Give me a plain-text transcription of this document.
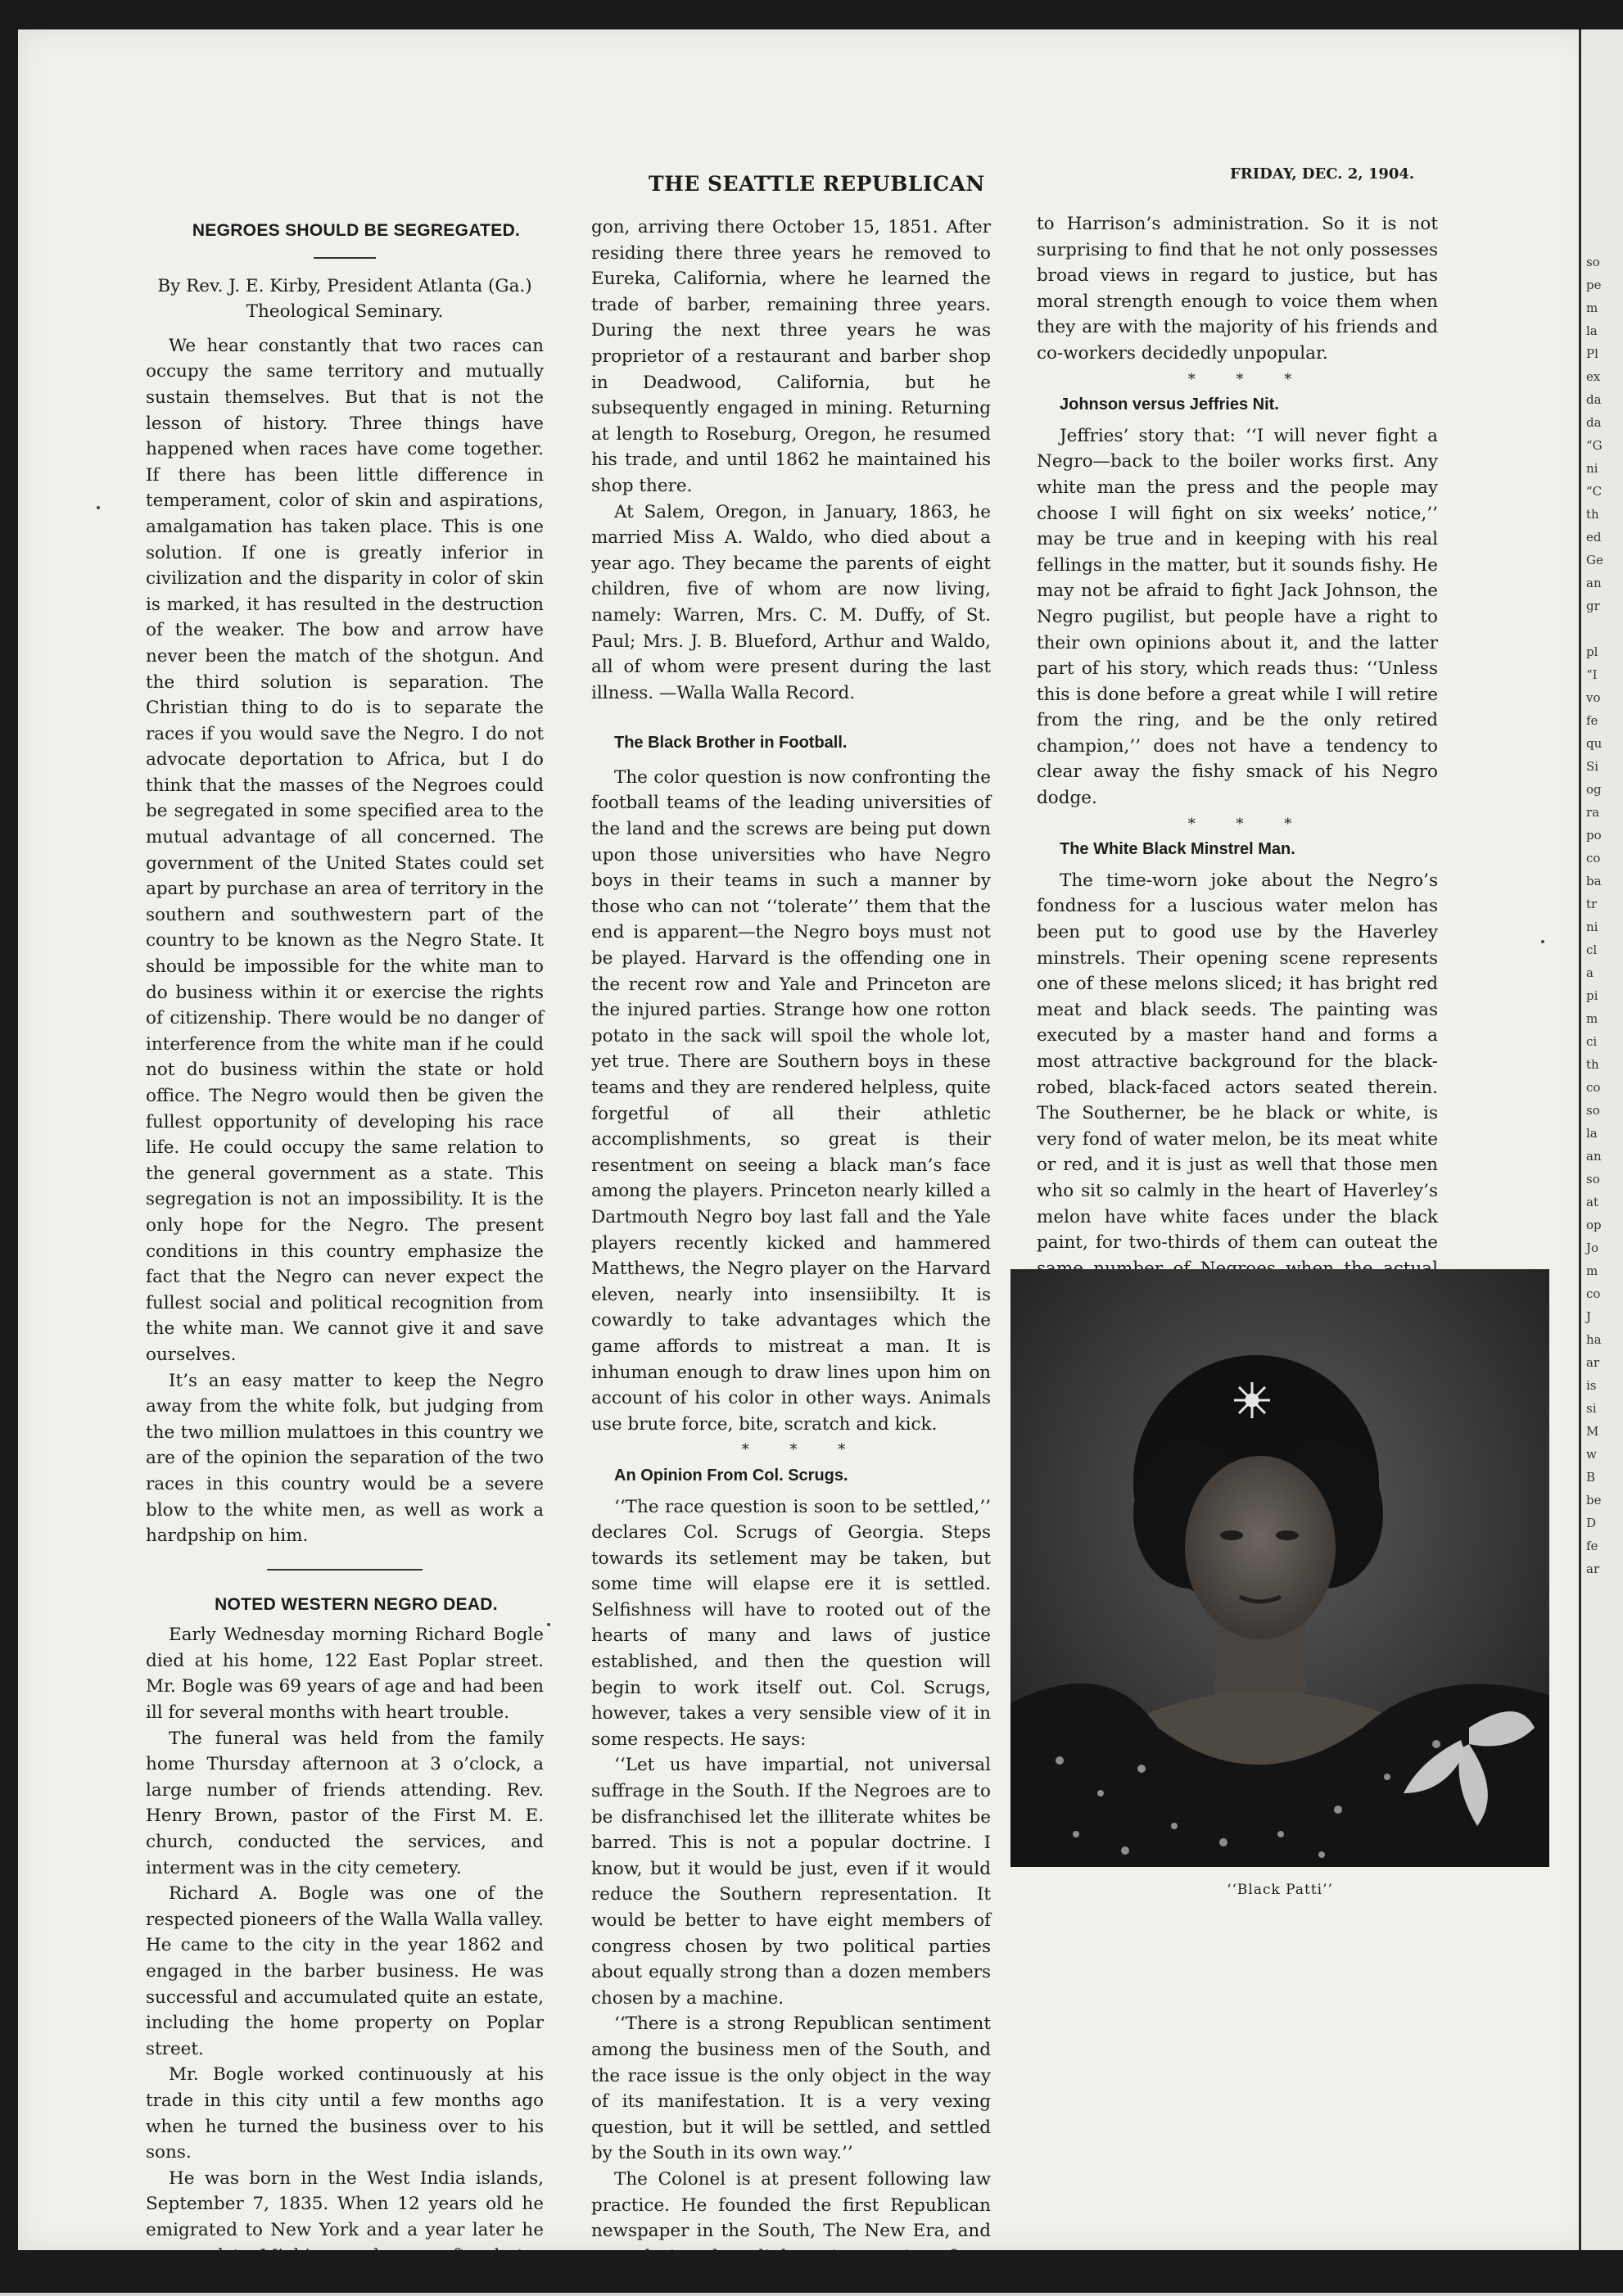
so
pe
m
la
Pl
ex
da
da
“G
ni
“C
th
ed
Ge
an
gr

pl
“I
vo
fe
qu
Si
og
ra
po
co
ba
tr
ni
cl
a
pi
m
ci
th
co
so
la
an
so
at
op
Jo
m
co
J
ha
ar
is
si
M
w
B
be
D
fe
ar
THE SEATTLE REPUBLICAN	FRIDAY, DEC. 2, 1904.

NEGROES SHOULD BE SEGREGATED.

By Rev. J. E. Kirby, President Atlanta (Ga.)

Theological Seminary.

We hear constantly that two races can occupy the same territory and mutually sustain themselves. But that is not the lesson of history. Three things have happened when races have come together. If there has been little difference in temperament, color of skin and aspirations, amalgamation has taken place. This is one solution. If one is greatly inferior in civilization and the disparity in color of skin is marked, it has resulted in the destruction of the weaker. The bow and arrow have never been the match of the shotgun. And the third solution is separation. The Christian thing to do is to separate the races if you would save the Negro. I do not advocate deportation to Africa, but I do think that the masses of the Negroes could be segregated in some specified area to the mutual advantage of all concerned. The government of the United States could set apart by purchase an area of territory in the southern and southwestern part of the country to be known as the Negro State. It should be impossible for the white man to do business within it or exercise the rights of citizenship. There would be no danger of interference from the white man if he could not do business within the state or hold office. The Negro would then be given the fullest opportunity of developing his race life. He could occupy the same relation to the general government as a state. This segregation is not an impossibility. It is the only hope for the Negro. The present conditions in this country emphasize the fact that the Negro can never expect the fullest social and political recognition from the white man. We cannot give it and save ourselves.

It’s an easy matter to keep the Negro away from the white folk, but judging from the two million mulattoes in this country we are of the opinion the separation of the two races in this country would be a severe blow to the white men, as well as work a hardpship on him.

NOTED WESTERN NEGRO DEAD.

Early Wednesday morning Richard Bogle died at his home, 122 East Poplar street. Mr. Bogle was 69 years of age and had been ill for several months with heart trouble.

The funeral was held from the family home Thursday afternoon at 3 o’clock, a large number of friends attending. Rev. Henry Brown, pastor of the First M. E. church, conducted the services, and interment was in the city cemetery.

Richard A. Bogle was one of the respected pioneers of the Walla Walla valley. He came to the city in the year 1862 and engaged in the barber business. He was successful and accumulated quite an estate, including the home property on Poplar street.

Mr. Bogle worked continuously at his trade in this city until a few months ago when he turned the business over to his sons.

He was born in the West India islands, September 7, 1835. When 12 years old he emigrated to New York and a year later he removed to Michigan, whence, after but a brief residence he crossed the plains to Ore-

gon, arriving there October 15, 1851. After residing there three years he removed to Eureka, California, where he learned the trade of barber, remaining three years. During the next three years he was proprietor of a restaurant and barber shop in Deadwood, California, but he subsequently engaged in mining. Returning at length to Roseburg, Oregon, he resumed his trade, and until 1862 he maintained his shop there.

At Salem, Oregon, in January, 1863, he married Miss A. Waldo, who died about a year ago. They became the parents of eight children, five of whom are now living, namely: Warren, Mrs. C. M. Duffy, of St. Paul; Mrs. J. B. Blueford, Arthur and Waldo, all of whom were present during the last illness. —Walla Walla Record.

The Black Brother in Football.

The color question is now confronting the football teams of the leading universities of the land and the screws are being put down upon those universities who have Negro boys in their teams in such a manner by those who can not ‘‘tolerate’’ them that the end is apparent—the Negro boys must not be played. Harvard is the offending one in the recent row and Yale and Princeton are the injured parties. Strange how one rotton potato in the sack will spoil the whole lot, yet true. There are Southern boys in these teams and they are rendered helpless, quite forgetful of all their athletic accomplishments, so great is their resentment on seeing a black man’s face among the players. Princeton nearly killed a Dartmouth Negro boy last fall and the Yale players recently kicked and hammered Matthews, the Negro player on the Harvard eleven, nearly into insensiibilty. It is cowardly to take advantages which the game affords to mistreat a man. It is inhuman enough to draw lines upon him on account of his color in other ways. Animals use brute force, bite, scratch and kick.

* * *

An Opinion From Col. Scrugs.

‘‘The race question is soon to be settled,’’ declares Col. Scrugs of Georgia. Steps towards its setlement may be taken, but some time will elapse ere it is settled. Selfishness will have to rooted out of the hearts of many and laws of justice established, and then the question will begin to work itself out. Col. Scrugs, however, takes a very sensible view of it in some respects. He says:

‘‘Let us have impartial, not universal suffrage in the South. If the Negroes are to be disfranchised let the illiterate whites be barred. This is not a popular doctrine. I know, but it would be just, even if it would reduce the Southern representation. It would be better to have eight members of congress chosen by two political parties about equally strong than a dozen members chosen by a machine.

‘‘There is a strong Republican sentiment among the business men of the South, and the race issue is the only object in the way of its manifestation. It is a very vexing question, but it will be settled, and settled by the South in its own way.’’

The Colonel is at present following law practice. He founded the first Republican newspaper in the South, The New Era, and served in the diplomatic service from Grant’s

to Harrison’s administration. So it is not surprising to find that he not only possesses broad views in regard to justice, but has moral strength enough to voice them when they are with the majority of his friends and co-workers decidedly unpopular.

* * *

Johnson versus Jeffries Nit.

Jeffries’ story that: ‘‘I will never fight a Negro—back to the boiler works first. Any white man the press and the people may choose I will fight on six weeks’ notice,’’ may be true and in keeping with his real fellings in the matter, but it sounds fishy. He may not be afraid to fight Jack Johnson, the Negro pugilist, but people have a right to their own opinions about it, and the latter part of his story, which reads thus: ‘‘Unless this is done before a great while I will retire from the ring, and be the only retired champion,’’ does not have a tendency to clear away the fishy smack of his Negro dodge.

* * *

The White Black Minstrel Man.

The time-worn joke about the Negro’s fondness for a luscious water melon has been put to good use by the Haverley minstrels. Their opening scene represents one of these melons sliced; it has bright red meat and black seeds. The painting was executed by a master hand and forms a most attractive background for the black-robed, black-faced actors seated therein. The Southerner, be he black or white, is very fond of water melon, be its meat white or red, and it is just as well that those men who sit so calmly in the heart of Haverley’s melon have white faces under the black paint, for two-thirds of them can outeat the

‘‘Black Patti’’
